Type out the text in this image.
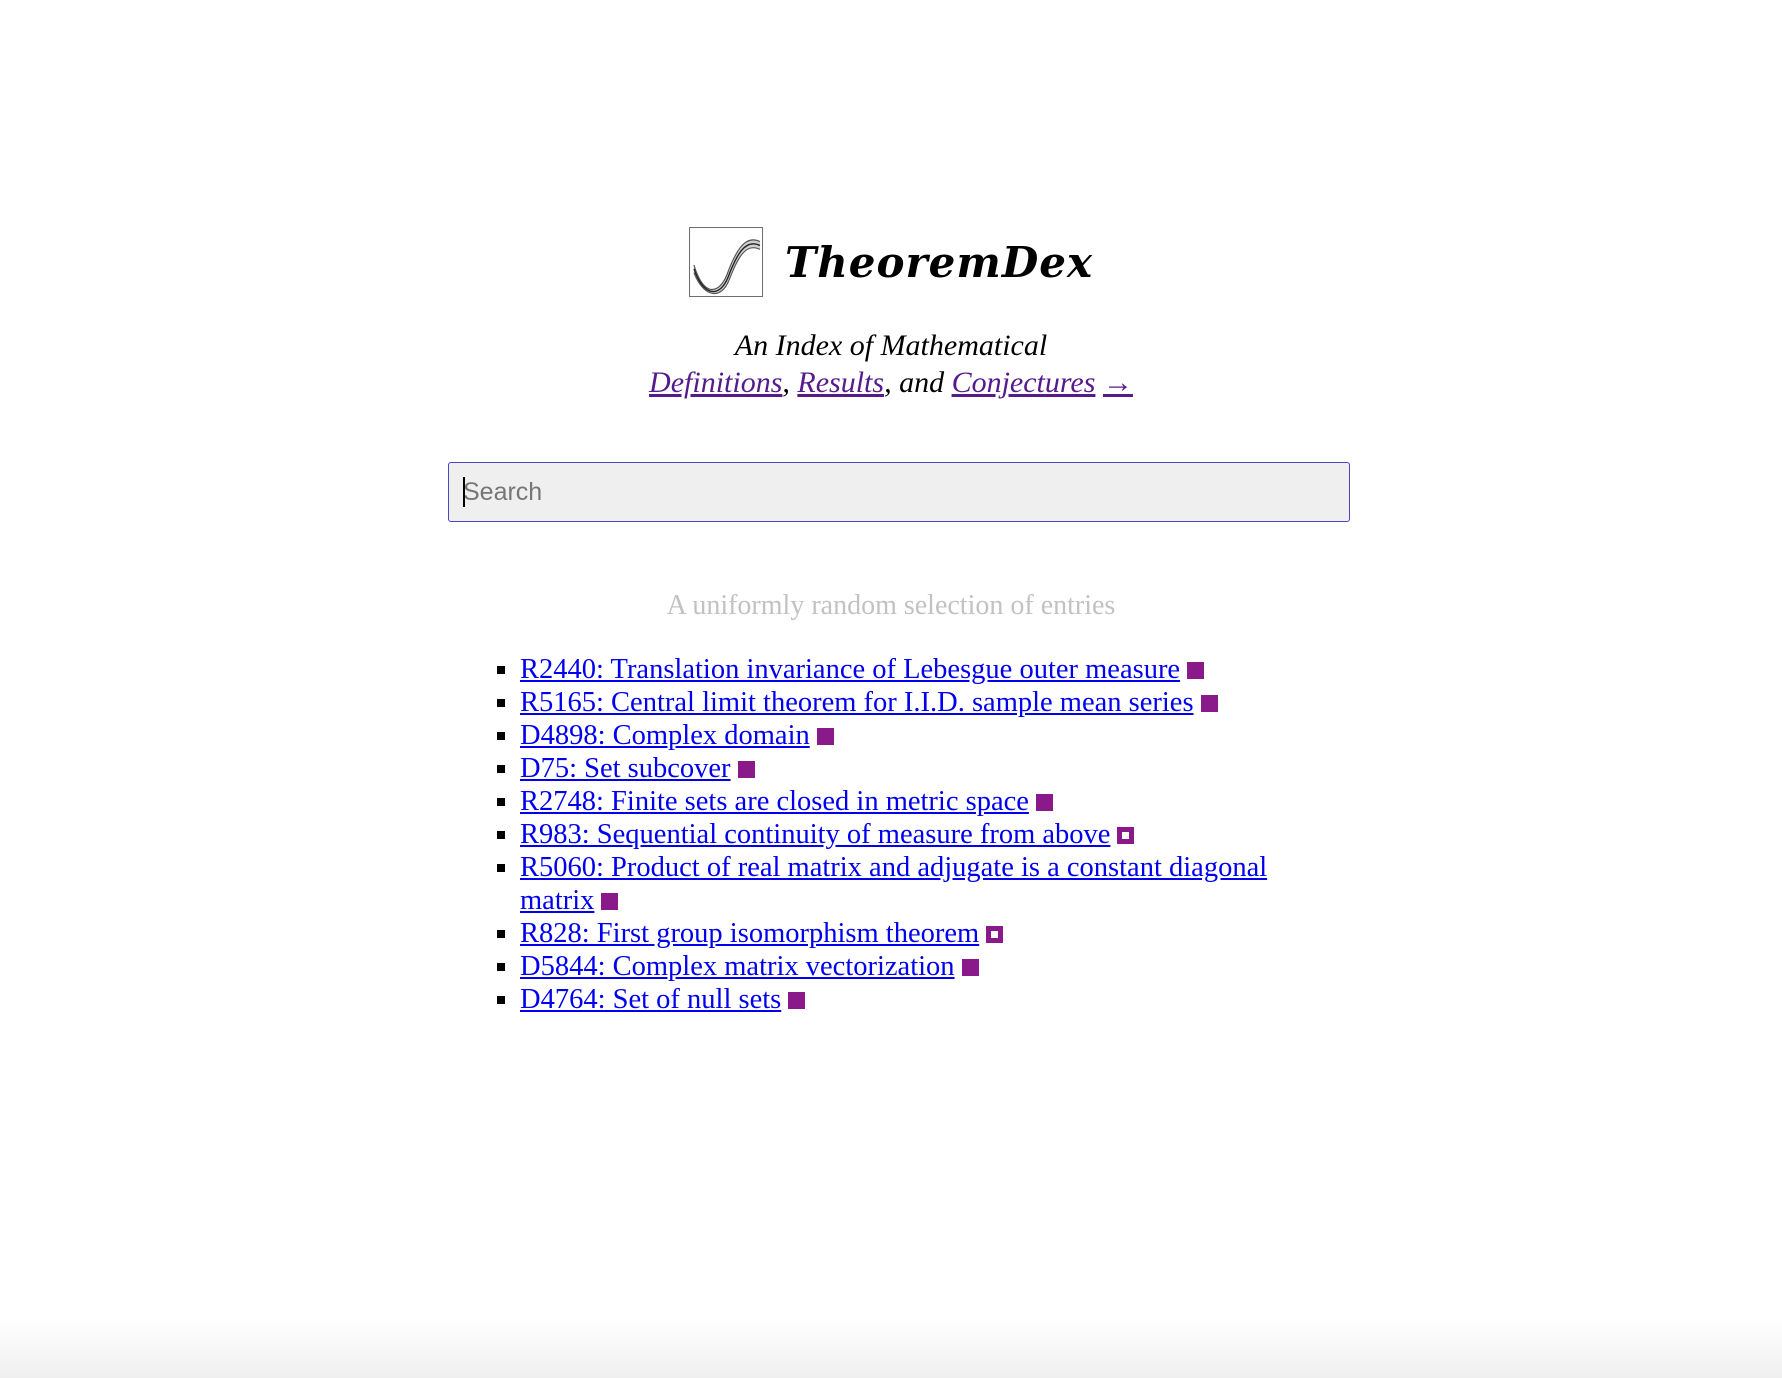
TheoremDex
An Index of Mathematical
Definitions, Results, and Conjectures →
Search
A uniformly random selection of entries
R2440: Translation invariance of Lebesgue outer measure
R5165: Central limit theorem for I.I.D. sample mean series
D4898: Complex domain
D75: Set subcover
R2748: Finite sets are closed in metric space
R983: Sequential continuity of measure from above
R5060: Product of real matrix and adjugate is a constant diagonal matrix
R828: First group isomorphism theorem
D5844: Complex matrix vectorization
D4764: Set of null sets
